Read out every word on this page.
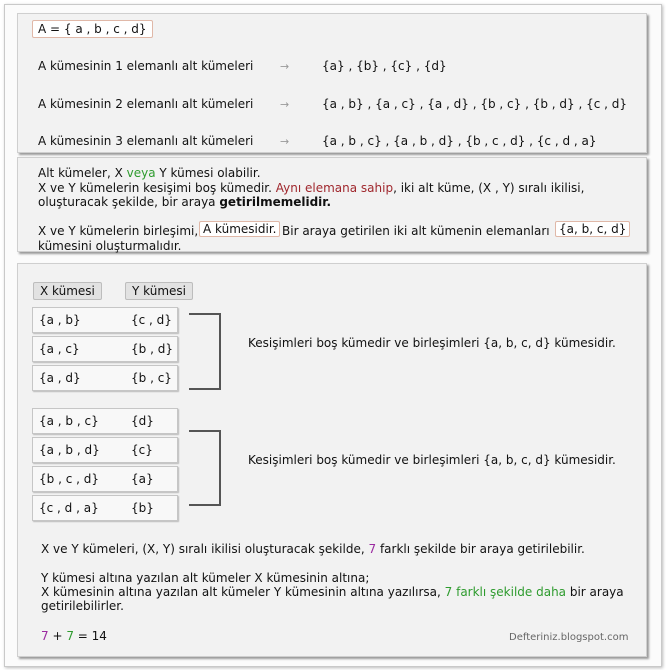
A = { a , b , c , d}
A kümesinin 1 elemanlı alt kümeleri →	{a} , {b} , {c} , {d}
A kümesinin 2 elemanlı alt kümeleri →	{a , b} , {a , c} , {a , d} , {b , c} , {b , d} , {c , d}
A kümesinin 3 elemanlı alt kümeleri →	{a , b , c} , {a , b , d} , {b , c , d} , {c , d , a}
Alt kümeler, X veya Y kümesi olabilir.
X ve Y kümelerin kesişimi boş kümedir. Aynı elemana sahip, iki alt küme, (X , Y) sıralı ikilisi,
oluşturacak şekilde, bir araya getirilmemelidir.
X ve Y kümelerin birleşimi, A kümesidir. Bir araya getirilen iki alt kümenin elemanları {a, b, c, d}
kümesini oluşturmalıdır.
X kümesi	Y kümesi
{a , b}	{c , d}
{a , c}	{b , d}
{a , d}	{b , c}
Kesişimleri boş kümedir ve birleşimleri {a, b, c, d} kümesidir.
{a , b , c}	{d}
{a , b , d}	{c}
{b , c , d}	{a}
{c , d , a}	{b}
Kesişimleri boş kümedir ve birleşimleri {a, b, c, d} kümesidir.
X ve Y kümeleri, (X, Y) sıralı ikilisi oluşturacak şekilde, 7 farklı şekilde bir araya getirilebilir.
Y kümesi altına yazılan alt kümeler X kümesinin altına;
X kümesinin altına yazılan alt kümeler Y kümesinin altına yazılırsa, 7 farklı şekilde daha bir araya
getirilebilirler.
7 + 7 = 14	Defteriniz.blogspot.com
